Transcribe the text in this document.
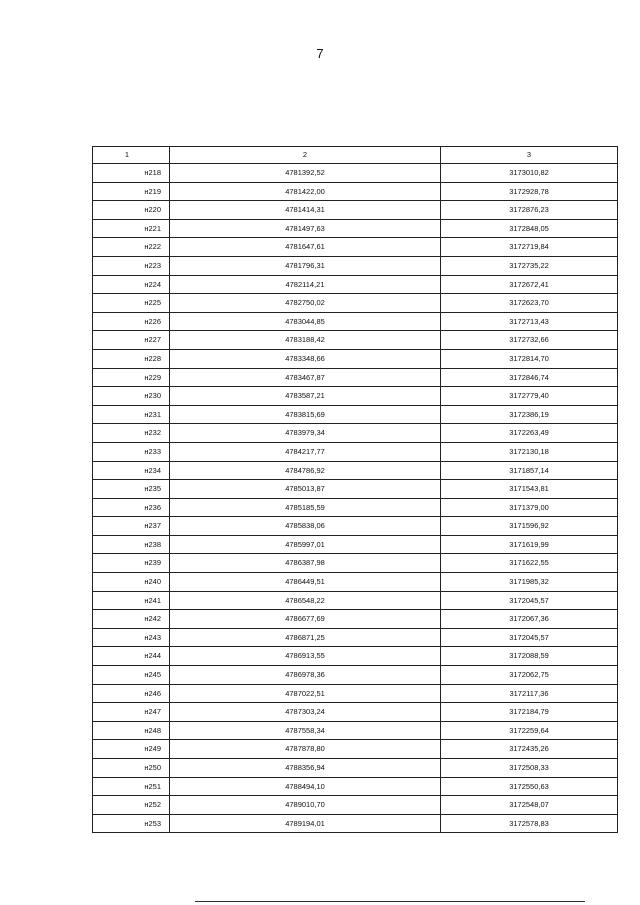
7
1	2	3
н218	4781392,52	3173010,82
н219	4781422,00	3172928,78
н220	4781414,31	3172876,23
н221	4781497,63	3172848,05
н222	4781647,61	3172719,84
н223	4781796,31	3172735,22
н224	4782114,21	3172672,41
н225	4782750,02	3172623,70
н226	4783044,85	3172713,43
н227	4783188,42	3172732,66
н228	4783348,66	3172814,70
н229	4783467,87	3172846,74
н230	4783587,21	3172779,40
н231	4783815,69	3172386,19
н232	4783979,34	3172263,49
н233	4784217,77	3172130,18
н234	4784786,92	3171857,14
н235	4785013,87	3171543,81
н236	4785185,59	3171379,00
н237	4785838,06	3171596,92
н238	4785997,01	3171619,99
н239	4786387,98	3171622,55
н240	4786449,51	3171985,32
н241	4786548,22	3172045,57
н242	4786677,69	3172067,36
н243	4786871,25	3172045,57
н244	4786913,55	3172088,59
н245	4786978,36	3172062,75
н246	4787022,51	3172117,36
н247	4787303,24	3172184,79
н248	4787558,34	3172259,64
н249	4787878,80	3172435,26
н250	4788356,94	3172508,33
н251	4788494,10	3172550,63
н252	4789010,70	3172548,07
н253	4789194,01	3172578,83
